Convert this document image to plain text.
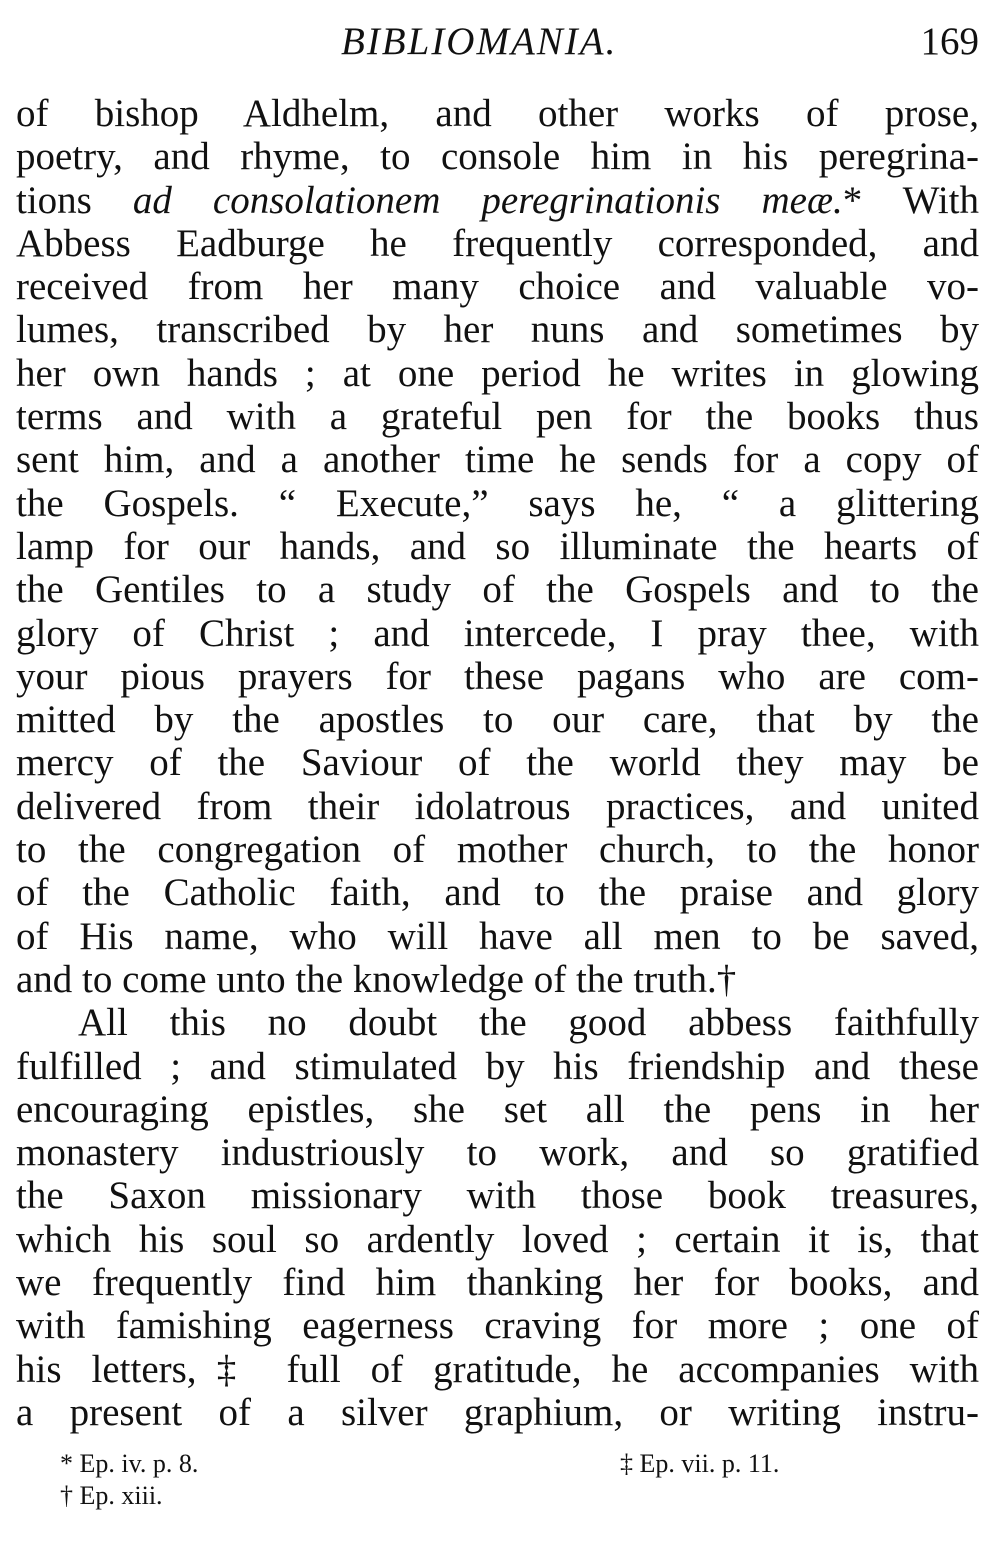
BIBLIOMANIA.	169
of bishop Aldhelm, and other works of prose,
poetry, and rhyme, to console him in his peregrina-
tions ad consolationem peregrinationis meæ.* With
Abbess Eadburge he frequently corresponded, and
received from her many choice and valuable vo-
lumes, transcribed by her nuns and sometimes by
her own hands ; at one period he writes in glowing
terms and with a grateful pen for the books thus
sent him, and a another time he sends for a copy of
the Gospels. “ Execute,” says he, “ a glittering
lamp for our hands, and so illuminate the hearts of
the Gentiles to a study of the Gospels and to the
glory of Christ ; and intercede, I pray thee, with
your pious prayers for these pagans who are com-
mitted by the apostles to our care, that by the
mercy of the Saviour of the world they may be
delivered from their idolatrous practices, and united
to the congregation of mother church, to the honor
of the Catholic faith, and to the praise and glory
of His name, who will have all men to be saved,
and to come unto the knowledge of the truth.†
All this no doubt the good abbess faithfully
fulfilled ; and stimulated by his friendship and these
encouraging epistles, she set all the pens in her
monastery industriously to work, and so gratified
the Saxon missionary with those book treasures,
which his soul so ardently loved ; certain it is, that
we frequently find him thanking her for books, and
with famishing eagerness craving for more ; one of
his letters,‡ full of gratitude, he accompanies with
a present of a silver graphium, or writing instru-
* Ep. iv. p. 8.
† Ep. xiii.
‡ Ep. vii. p. 11.
